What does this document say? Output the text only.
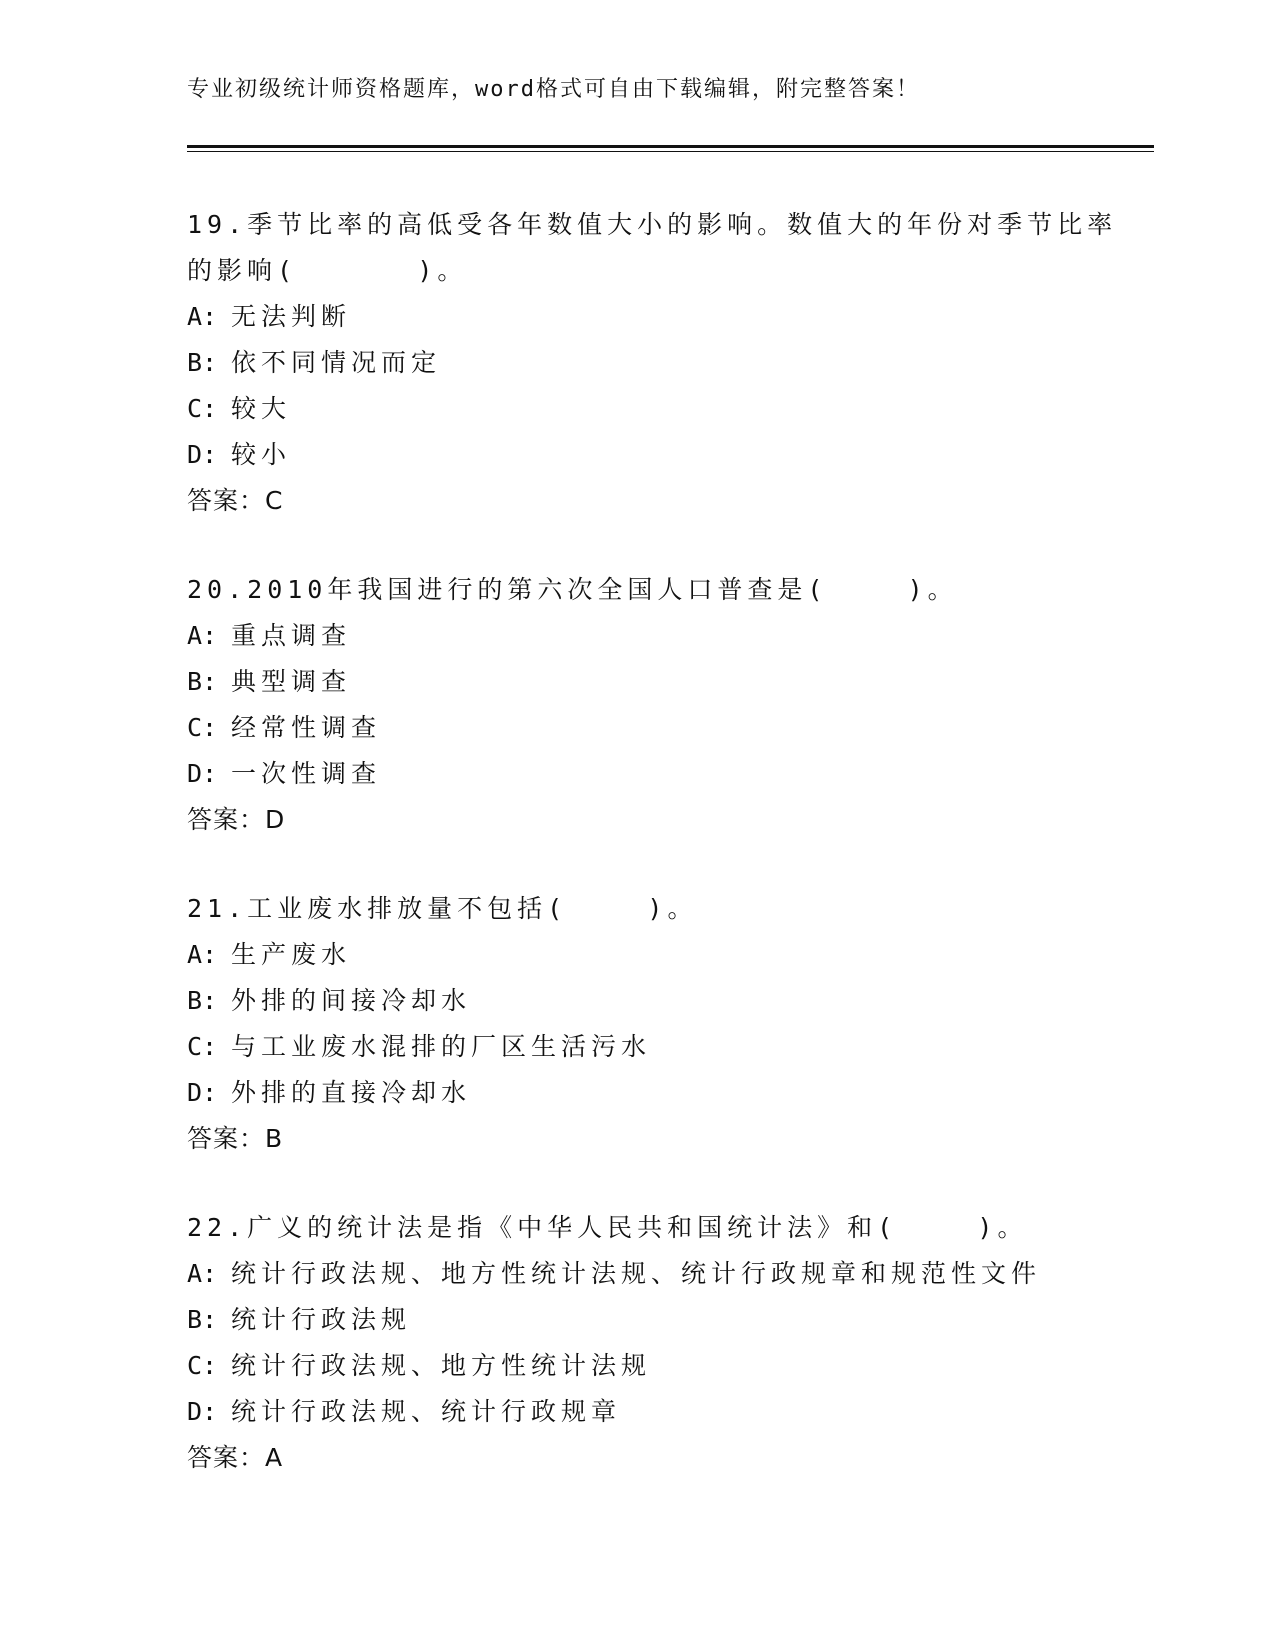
专业初级统计师资格题库，word格式可自由下载编辑，附完整答案！
19.季节比率的高低受各年数值大小的影响。数值大的年份对季节比率
的影响(      )。
A: 无法判断
B: 依不同情况而定
C: 较大
D: 较小
答案：C
20.2010年我国进行的第六次全国人口普查是(    )。
A: 重点调查
B: 典型调查
C: 经常性调查
D: 一次性调查
答案：D
21.工业废水排放量不包括(    )。
A: 生产废水
B: 外排的间接冷却水
C: 与工业废水混排的厂区生活污水
D: 外排的直接冷却水
答案：B
22.广义的统计法是指《中华人民共和国统计法》和(    )。
A: 统计行政法规、地方性统计法规、统计行政规章和规范性文件
B: 统计行政法规
C: 统计行政法规、地方性统计法规
D: 统计行政法规、统计行政规章
答案：A
